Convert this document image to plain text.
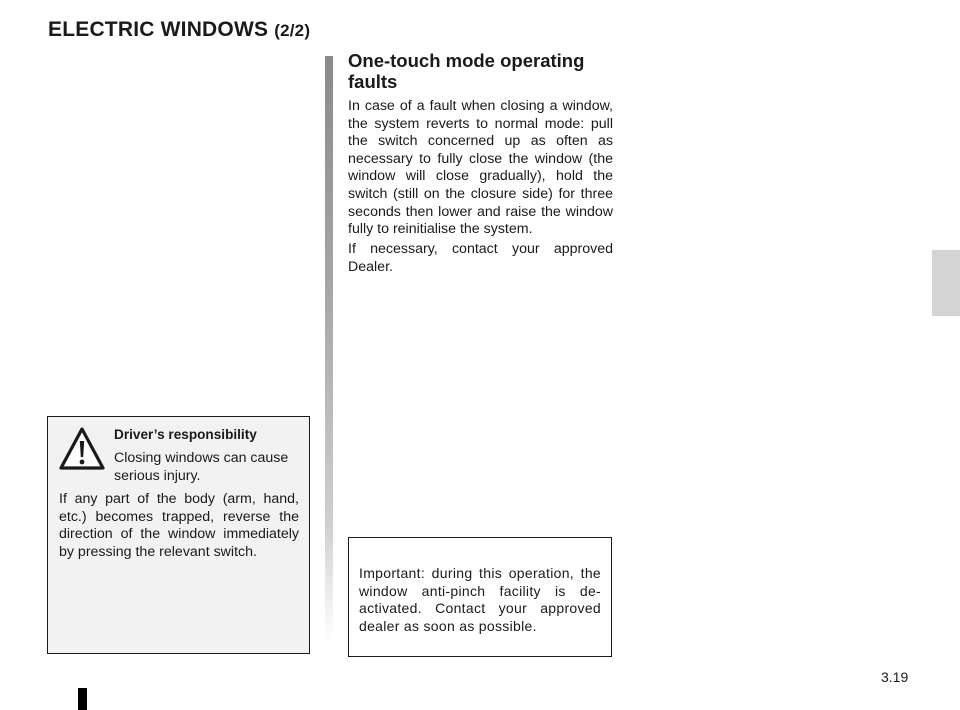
ELECTRIC WINDOWS (2/2)
One-touch mode operating faults

In case of a fault when closing a window, the system reverts to normal mode: pull the switch concerned up as often as necessary to fully close the window (the window will close gradually), hold the switch (still on the closure side) for three seconds then lower and raise the window fully to reinitialise the system.

If necessary, contact your approved Dealer.

Driver’s responsibility

Closing windows can cause serious injury.

If any part of the body (arm, hand, etc.) becomes trapped, reverse the direction of the window immediately by pressing the relevant switch.

Important: during this operation, the window anti-pinch facility is de-activated. Contact your approved dealer as soon as possible.

3.19
